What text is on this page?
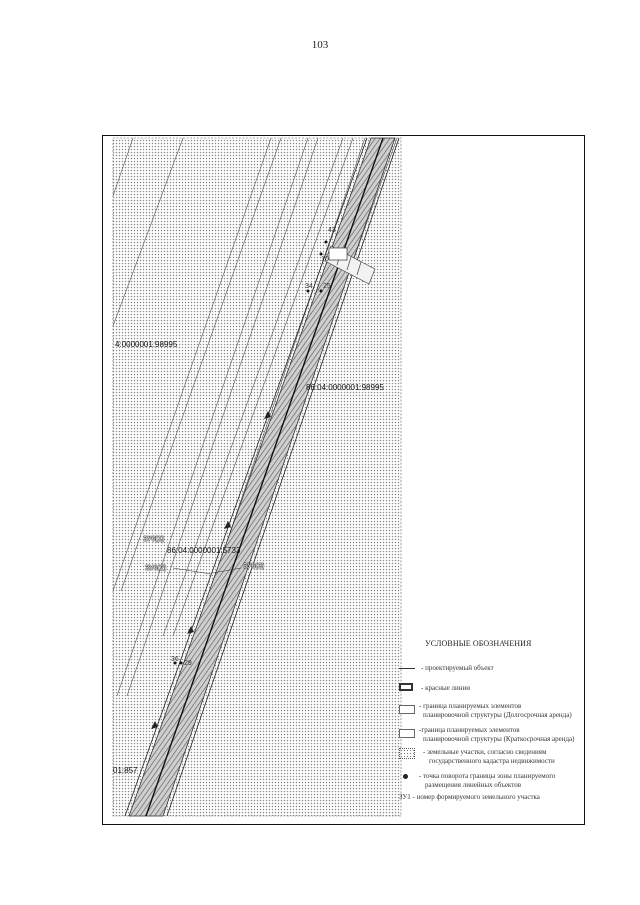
103
4:0000001:98995
86:04:0000001:98995
86:04:0000001:5733
ЗУ6(1)
ЗУ6(2)	ЗУ6(3)
01:857
43
10
34 25
36
29
УСЛОВНЫЕ ОБОЗНАЧЕНИЯ
- проектируемый объект
- красные линии
- граница планируемых элементов
планировочной структуры (Долгосрочная аренда)
-граница планируемых элементов
планировочной структуры (Краткосрочная аренда)
- земельные участки, согласно сведениям
государственного кадастра недвижимости
- точка поворота границы зоны планируемого
размещения линейных объектов
ЗУ1 - номер формируемого земельного участка
